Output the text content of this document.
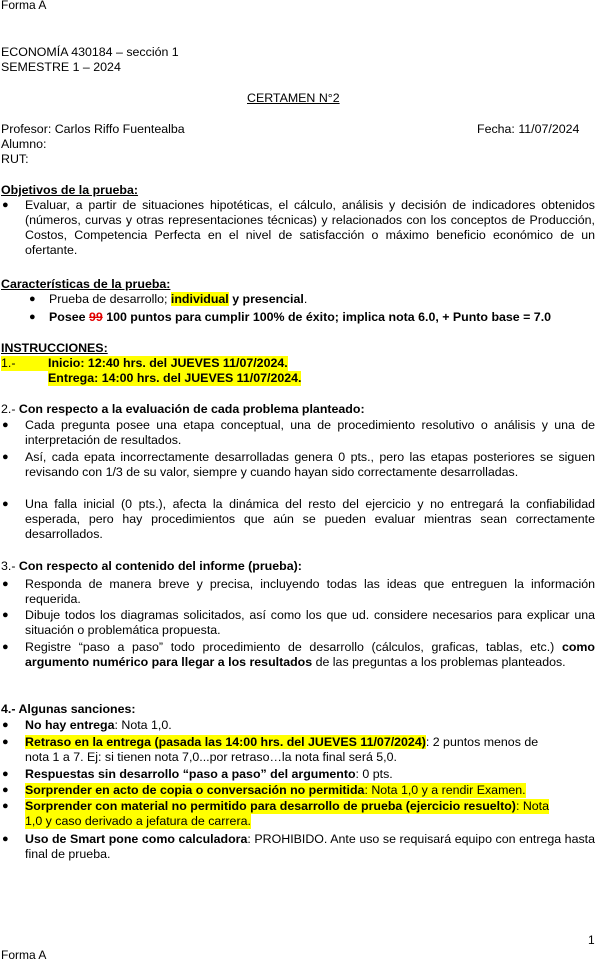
Forma A
ECONOMÍA 430184 – sección 1
SEMESTRE 1 – 2024
CERTAMEN N°2
Profesor: Carlos Riffo Fuentealba	Fecha: 11/07/2024
Alumno:
RUT:
Objetivos de la prueba:
● Evaluar, a partir de situaciones hipotéticas, el cálculo, análisis y decisión de indicadores obtenidos (números, curvas y otras representaciones técnicas) y relacionados con los conceptos de Producción, Costos, Competencia Perfecta en el nivel de satisfacción o máximo beneficio económico de un ofertante.
Características de la prueba:
● Prueba de desarrollo; individual y presencial.
● Posee 99 100 puntos para cumplir 100% de éxito; implica nota 6.0, + Punto base = 7.0
INSTRUCCIONES:
1.-	Inicio: 12:40 hrs. del JUEVES 11/07/2024.
Entrega: 14:00 hrs. del JUEVES 11/07/2024.
2.- Con respecto a la evaluación de cada problema planteado:
● Cada pregunta posee una etapa conceptual, una de procedimiento resolutivo o análisis y una de interpretación de resultados.
● Así, cada epata incorrectamente desarrolladas genera 0 pts., pero las etapas posteriores se siguen revisando con 1/3 de su valor, siempre y cuando hayan sido correctamente desarrolladas.
● Una falla inicial (0 pts.), afecta la dinámica del resto del ejercicio y no entregará la confiabilidad esperada, pero hay procedimientos que aún se pueden evaluar mientras sean correctamente desarrollados.
3.- Con respecto al contenido del informe (prueba):
● Responda de manera breve y precisa, incluyendo todas las ideas que entreguen la información requerida.
● Dibuje todos los diagramas solicitados, así como los que ud. considere necesarios para explicar una situación o problemática propuesta.
● Registre “paso a paso” todo procedimiento de desarrollo (cálculos, graficas, tablas, etc.) como argumento numérico para llegar a los resultados de las preguntas a los problemas planteados.
4.- Algunas sanciones:
● No hay entrega: Nota 1,0.
● Retraso en la entrega (pasada las 14:00 hrs. del JUEVES 11/07/2024): 2 puntos menos de
nota 1 a 7. Ej: si tienen nota 7,0...por retraso…la nota final será 5,0.
● Respuestas sin desarrollo “paso a paso” del argumento: 0 pts.
● Sorprender en acto de copia o conversación no permitida: Nota 1,0 y a rendir Examen.
● Sorprender con material no permitido para desarrollo de prueba (ejercicio resuelto): Nota
1,0 y caso derivado a jefatura de carrera.
● Uso de Smart pone como calculadora: PROHIBIDO. Ante uso se requisará equipo con entrega hasta final de prueba.
1
Forma A
